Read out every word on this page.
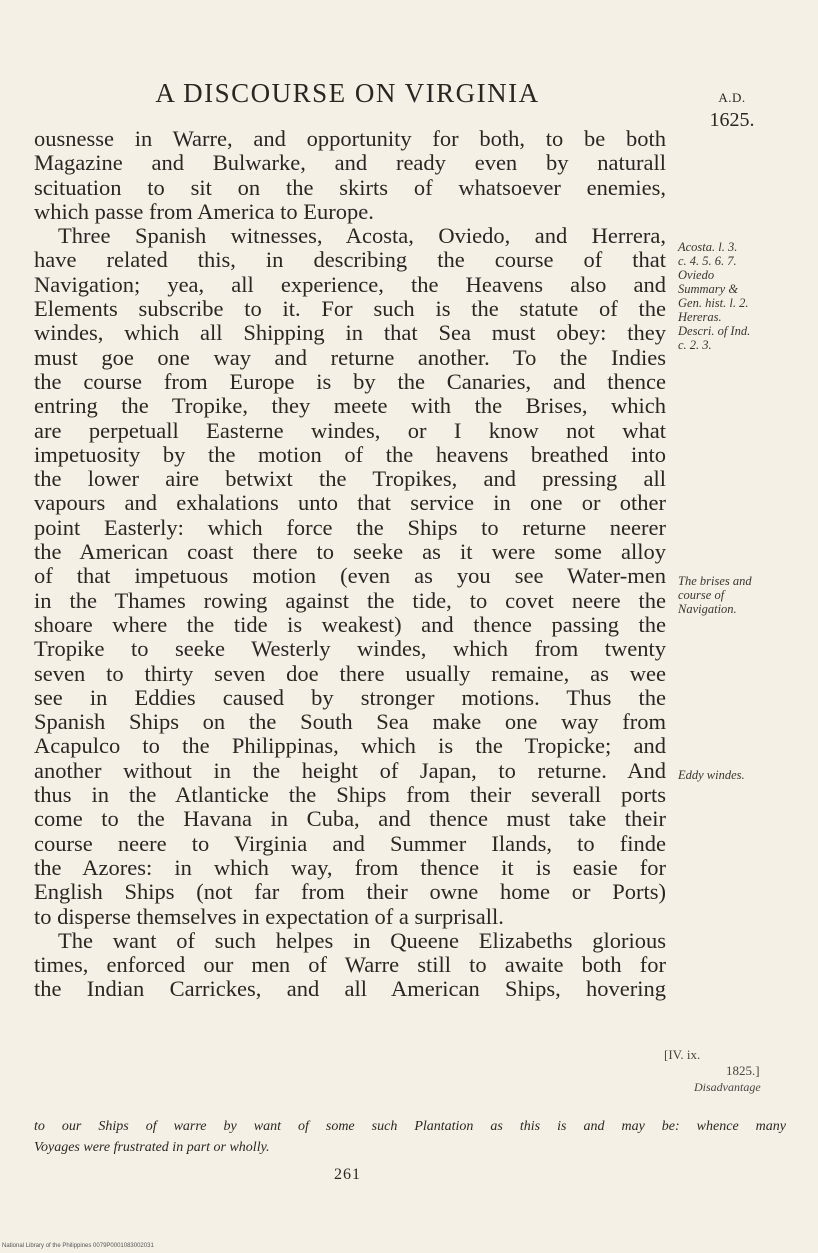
A DISCOURSE ON VIRGINIA	A.D.
1625.
ousnesse in Warre, and opportunity for both, to be both
Magazine and Bulwarke, and ready even by naturall
scituation to sit on the skirts of whatsoever enemies,
which passe from America to Europe.
Three Spanish witnesses, Acosta, Oviedo, and Herrera,
have related this, in describing the course of that
Navigation; yea, all experience, the Heavens also and
Elements subscribe to it. For such is the statute of the
windes, which all Shipping in that Sea must obey: they
must goe one way and returne another. To the Indies
the course from Europe is by the Canaries, and thence
entring the Tropike, they meete with the Brises, which
are perpetuall Easterne windes, or I know not what
impetuosity by the motion of the heavens breathed into
the lower aire betwixt the Tropikes, and pressing all
vapours and exhalations unto that service in one or other
point Easterly: which force the Ships to returne neerer
the American coast there to seeke as it were some alloy
of that impetuous motion (even as you see Water-men
in the Thames rowing against the tide, to covet neere the
shoare where the tide is weakest) and thence passing the
Tropike to seeke Westerly windes, which from twenty
seven to thirty seven doe there usually remaine, as wee
see in Eddies caused by stronger motions. Thus the
Spanish Ships on the South Sea make one way from
Acapulco to the Philippinas, which is the Tropicke; and
another without in the height of Japan, to returne. And
thus in the Atlanticke the Ships from their severall ports
come to the Havana in Cuba, and thence must take their
course neere to Virginia and Summer Ilands, to finde
the Azores: in which way, from thence it is easie for
English Ships (not far from their owne home or Ports)
to disperse themselves in expectation of a surprisall.
The want of such helpes in Queene Elizabeths glorious
times, enforced our men of Warre still to awaite both for
the Indian Carrickes, and all American Ships, hovering
Acosta. l. 3.
c. 4. 5. 6. 7.
Oviedo
Summary &
Gen. hist. l. 2.
Hereras.
Descri. of Ind.
c. 2. 3.
The brises and
course of
Navigation.
Eddy windes.
[IV. ix.
1825.]
Disadvantage
to our Ships of warre by want of some such Plantation as this is and may be: whence many
Voyages were frustrated in part or wholly.
261
National Library of the Philippines 0079P0001083002031
